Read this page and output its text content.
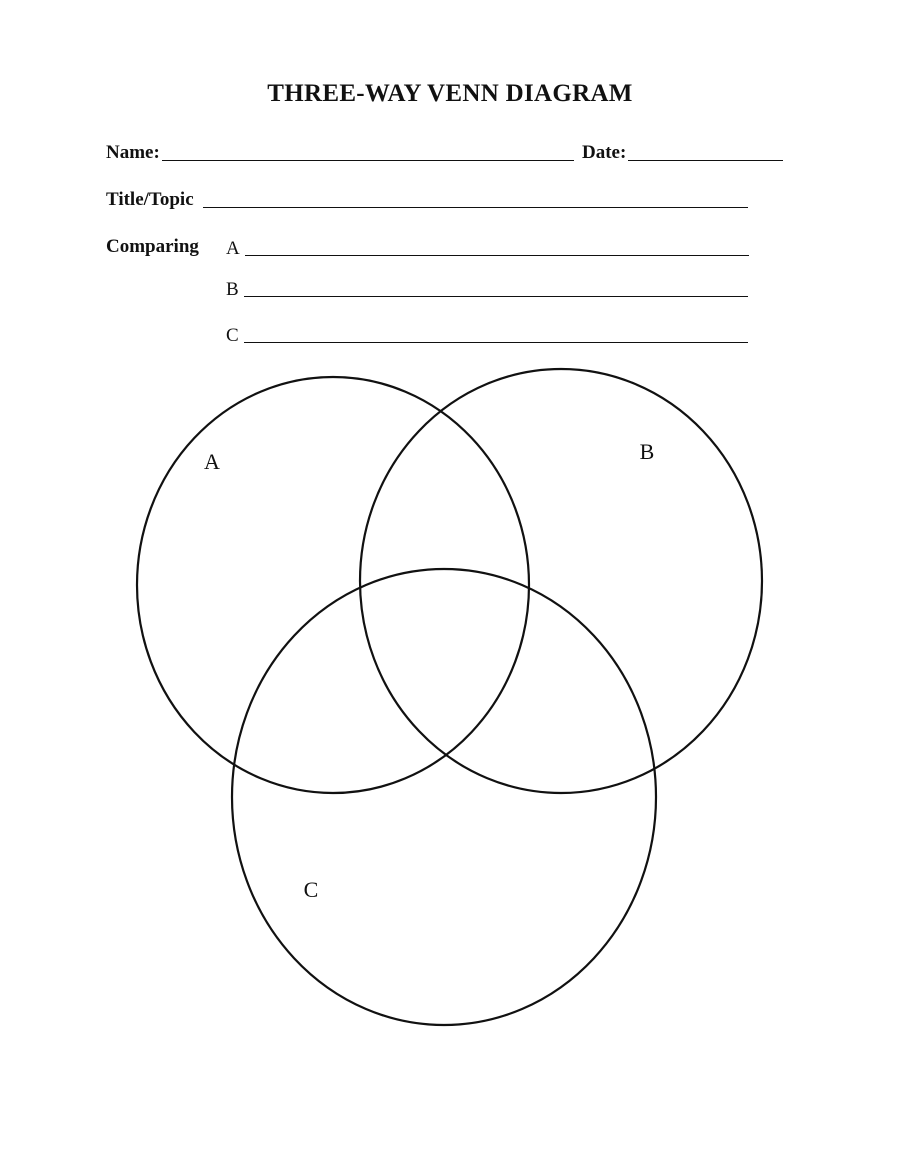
THREE-WAY VENN DIAGRAM
Name:	Date:
Title/Topic
Comparing A
B
C
A	B
C
